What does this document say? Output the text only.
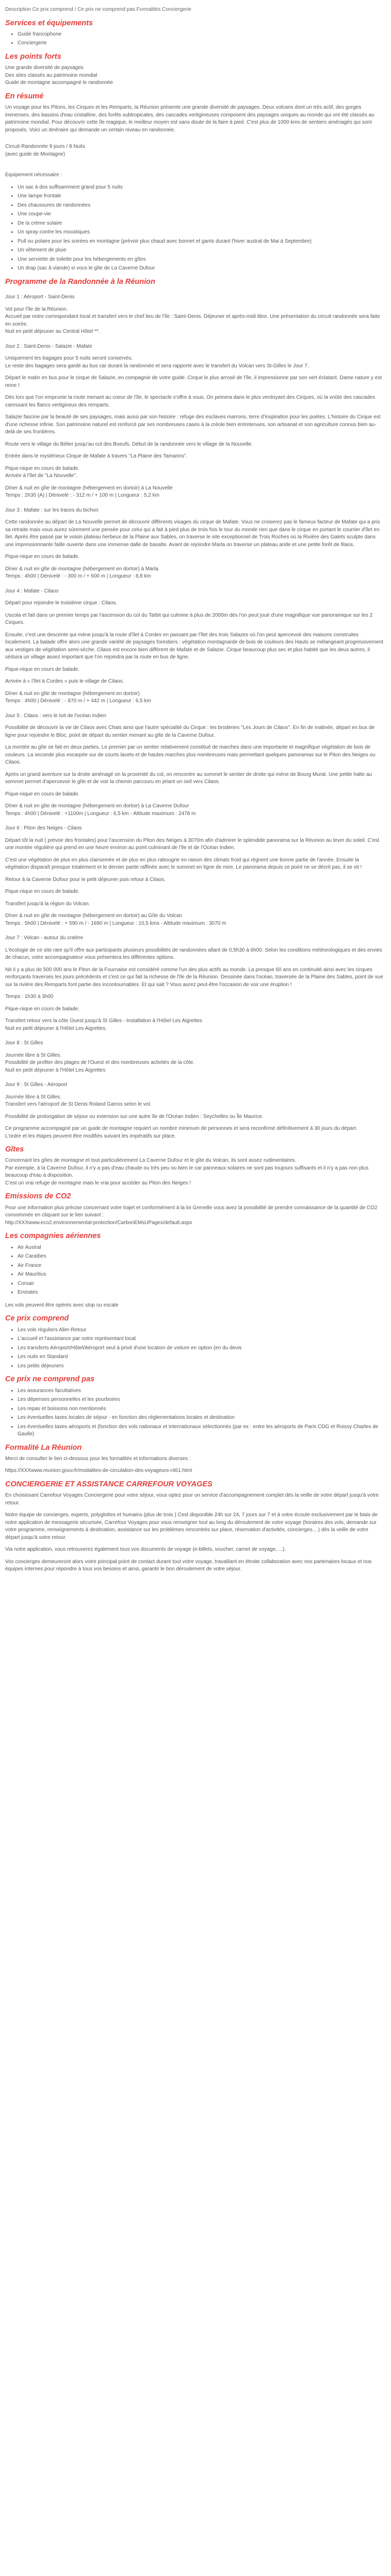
Description Ce prix comprend / Ce prix ne comprend pas Formalités Conciergerie
Services et équipements
• Guide francophone
• Conciergerie
Les points forts
Une grande diversité de paysages
Des sites classés au patrimoine mondial
Guide de montagne accompagné le randonnée
En résumé

Un voyage pour les Pitons, les Cirques et les Remparts, la Réunion présente une grande diversité de paysages. Deux volcans dont un très actif, des gorges immenses, des bassins d'eau cristalline, des forêts subtropicales, des cascades vertigineuses composent des paysages uniques au monde qui ont été classés au patrimoine mondial. Pour découvrir cette île magique, le meilleur moyen est sans doute de la faire à pied. C'est plus de 1000 kms de sentiers aménagés qui sont proposés. Voici un itinéraire qui demande un certain niveau en randonnée.

Circuit Randonnée 9 jours / 8 Nuits
(avec guide de Montagne)

Equipement nécessaire :

• Un sac à dos suffisamment grand pour 5 nuits
• Une lampe frontale
• Des chaussures de randonnées
• Une coupe-vie
• De la crème solaire
• Un spray contre les moustiques
• Pull ou polaire pour les soirées en montagne (prévoir plus chaud avec bonnet et gants durant l'hiver austral de Mai à Septembre)
• Un vêtement de pluie
• Une serviette de toilette pour les hébergements en gîtes
• Un drap (sac à viande) si vous le gîte de La Caverne Dufour
Programme de la Randonnée à la Réunion

Jour 1 : Aéroport - Saint-Denis

Vol pour l'île de la Réunion.
Accueil par notre correspondant local et transfert vers le chef lieu de l'île : Saint-Denis. Déjeuner et après-midi libre. Une présentation du circuit randonnée sera faite en soirée.
Nuit en petit déjeuner au Central Hôtel **.

Jour 2 : Saint-Denis - Salazie - Mafate

Uniquement les bagages pour 5 nuits seront conservés.
Le reste des bagages sera gardé au bus car durant la randonnée et sera rapporté avec le transfert du Volcan vers St-Gilles le Jour 7.

Départ le matin en bus pour le cirque de Salazie, en compagnie de votre guide. Cirque le plus arrosé de l'île, il impressionne par son vert éclatant. Dame nature y est reine !

Dès lors que l'on emprunte la route menant au coeur de l'île, le spectacle s'offre à vous. On peinera dans le plus verdoyant des Cirques, où la voûte des cascades caressant les flancs vertigineux des remparts.

Salazie fascine par la beauté de ses paysages, mais aussi par son histoire : refuge des esclaves marrons, terre d'inspiration pour les poètes. L'histoire du Cirque est d'une richesse infinie. Son patrimoine naturel est renforcé par ses nombreuses cases à la créole bien entretenues, son artisanat et son agriculture connus bien au-delà de ses frontières.

Route vers le village du Bélier jusqu'au col des Boeufs. Début de la randonnée vers le village de la Nouvelle.

Entrée dans le mystérieux Cirque de Mafate à travers "La Plaine des Tamarins".

Pique-nique en cours de balade.
Arrivée à l'îlet de "La Nouvelle".

Dîner & nuit en gîte de montagne (hébergement en dortoir) à La Nouvelle
Temps : 2h30 (A) | Dénivelé : - 312 m / + 100 m | Longueur : 5,2 km

Jour 3 : Mafate : sur les traces du bichon

Cette randonnée au départ de La Nouvelle permet de découvrir différents visages du cirque de Mafate. Vous ne croiserez pas le fameux facteur de Mafate qui a pris sa retraite mais vous aurez sûrement une pensée pour celui qui a fait à pied plus de trois fois le tour du monde rien que dans le cirque en portant le courrier d'îlet en îlet. Après être passé par le voisin plateau herbeux de la Plaine aux Sables, on traverse le site exceptionnel de Trois Roches où la Rivière des Galets sculpte dans une impressionnante faille ouverte dans une immense dalle de basalte. Avant de rejoindre Marla on traverse un plateau aride et une petite forêt de filaos.

Pique-nique en cours de balade.

Dîner & nuit en gîte de montagne (hébergement en dortoir) à Marla
Temps : 4h00 | Dénivelé : - 300 m / + 600 m | Longueur : 8,8 km

Jour 4 : Mafate - Cilaos

Départ pour rejoindre le troisième cirque : Cilaos.

Uscola et fait dans un premier temps par l'ascension du col du Taïbit qui culmine à plus de 2000m dès l'on peut jouir d'une magnifique vue panoramique sur les 2 Cirques.

Ensuite, c'est une descente qui mène jusqu'à la route d'îlet à Cordes en passant par l'îlet des trois Salazes où l'on peut apercevoir des maisons construites localement. La balade offre alors une grande variété de paysages forestiers : végétation montagnarde de bois de couleurs des Hauts se mélangeant progressivement aux vestiges de végétation semi-sèche. Cilaos est encore bien différent de Mafate et de Salazie. Cirque beaucoup plus sec et plus habité que les deux autres, il séduira un village assez important que l'on rejoindra par la route en bus de ligne.

Pique-nique en cours de balade.

Arrivée à « l'îlet à Cordes » puis le village de Cilaos.

Dîner & nuit en gîte de montagne (hébergement en dortoir)
Temps : 4h00 | Dénivelé : - 870 m / + 442 m | Longueur : 6,5 km

Jour 5 : Cilaos : vers le toit de l'océan Indien

Possibilité de découvrir la vie de Cilaos avec Chais ainsi que l'autre spécialité du Cirque : les broderies "Les Jours de Cilaos". En fin de matinée, départ en bus de ligne pour rejoindre le Bloc, point de départ du sentier menant au gîte de la Caverne Dufour.

La montée au gîte se fait en deux parties. Le premier par un sentier relativement constitué de marches dans une importante et magnifique végétation de bois de couleurs. La seconde plus escarpée sur de courts lacets et de hautes marches plus nombreuses mais permettant quelques panoramas sur le Piton des Neiges ou Cilaos.

Après un grand aventure sur la droite aménagé on la proximité du col, on rencontre au sommet le sentier de droite qui mène de Bourg Murat. Une petite halte au sommet permet d'apercevoir le gîte et de voir la chemin parcouru en jetant un oeil vers Cilaos.

Pique-nique en cours de balade.

Dîner & nuit en gîte de montagne (hébergement en dortoir) à La Caverne Dufour
Temps : 4h00 | Dénivelé : +1100m | Longueur : 6,5 km - Altitude maximum : 2478 m

Jour 6 : Piton des Neiges - Cilaos

Départ tôt la nuit ( prévoir des frontales) pour l'ascension du Piton des Neiges à 3070m afin d'admirer le splendide panorama sur la Réunion au lever du soleil. C'est une montée régulière qui prend en une heure environ au point culminant de l'île et de l'Océan Indien.

C'est une végétation de plus en plus clairsemée et de plus en plus rabougrie en raison des climats froid qui règnent une bonne partie de l'année. Ensuite la végétation disparaît presque totalement et le dernier partie raffinée avec le sommet en ligne de mire. Le panorama depuis ce point ne se décrit pas, il se vit !

Retour à la Caverne Dufour pour le petit déjeuner puis retour à Cilaos.

Pique-nique en cours de balade.

Transfert jusqu'à la région du Volcan.

Dîner & nuit en gîte de montagne (hébergement en dortoir) au Gîte du Volcan
Temps : 5h00 | Dénivelé : + 590 m / - 1690 m | Longueur : 10,5 kms - Altitude maximum : 3070 m

Jour 7 : Volcan - autour du cratère

L'écologie de ce site rare qu'il offre aux participants plusieurs possibilités de randonnées allant de 0,5h30 à 6h00. Selon les conditions météorologiques et des envies de chacun, votre accompagnateur vous présentera les différentes options.

Né il y a plus de 500 000 ans le Piton de la Fournaise est considéré comme l'un des plus actifs au monde. La presque 60 ans en continuité ainsi avec les cirques renforçants traversés les jours précédents et c'est ce qui fait la richesse de l'île de la Réunion. Dessinée dans l'océan, traversée de la Plaine des Sables, point de vue sur la rivière des Remparts font partie des incontournables. Et qui sait ? Vous aurez peut-être l'occasion de voir une éruption !

Temps : 1h30 à 3h00

Pique-nique en cours de balade.

Transfert retour vers la côte Ouest jusqu'à St Gilles - Installation à l'Hôtel Les Aigrettes
Nuit en petit déjeuner à l'Hôtel Les Aigrettes.

Jour 8 : St Gilles

Journée libre à St Gilles.
Possibilité de profiter des plages de l'Ouest et des nombreuses activités de la côte.
Nuit en petit déjeuner à l'Hôtel Les Aigrettes

Jour 9 : St Gilles - Aéroport

Journée libre à St Gilles.
Transfert vers l'aéroport de St Denis Roland Garros selon le vol.

Possibilité de prolongation de séjour ou extension sur une autre île de l'Océan Indien : Seychelles ou Île Maurice.

Ce programme accompagné par un guide de montagne requiert un nombre minimum de personnes et sera reconfirmé définitivement à 30 jours du départ.
L'ordre et les étapes peuvent être modifiés suivant les impératifs sur place.

Gîtes

Concernant les gîtes de montagne et tout particulièrement La Caverne Dufour et le gîte du Volcan, ils sont assez rudimentaires.
Par exemple, à la Caverne Dufour, il n'y a pas d'eau chaude ou très peu ou bien le car panneaux solaires ne sont pas toujours suffisants et il n'y a pas non plus beaucoup d'eau à disposition.
C'est un vrai refuge de montagne mais le vrai pour accéder au Piton des Neiges !

Emissions de CO2
Pour une information plus précise concernant votre trajet et conformément à la loi Grenelle vous avez la possibilité de prendre connaissance de la quantité de CO2 consommée en cliquant sur le lien suivant :

http://XXXwww.eco2.environnemental-protection/CarbonEMsUPages/default.aspx

Les compagnies aériennes
• Air Austral
• Air Caraïbes
• Air France
• Air Mauritius
• Corsair
• Emirates

Les vols peuvent être opérés avec stop ou escale

Ce prix comprend
• Les vols réguliers Aller-Retour
• L'accueil et l'assistance par notre représentant local
• Les transferts Aéroport/Hôtel/Aéroport seul à privé d'une location de voiture en option (en du devis
• Les nuits en Standard
• Les petits déjeuners
Ce prix ne comprend pas
• Les assurances facultatives
• Les dépenses personnelles et les pourboires
• Les repas et boissons non mentionnés
• Les éventuelles taxes locales de séjour - en fonction des réglementations locales et destination
• Les éventuelles taxes aéroports et (fonction des vols nationaux et internationaux sélectionnés (par ex : entre les aéroports de Paris CDG et Roissy Charles de Gaulle)
Formalité La Réunion

Merci de consulter le lien ci-dessous pour les formalités et informations diverses :

https://XXXwww.reunion.gouv.fr/modalites-de-circulation-des-voyageurs-r461.html

CONCIERGERIE ET ASSISTANCE CARREFOUR VOYAGES

En choisissant Carrefour Voyages Conciergerie pour votre séjour, vous optez pour un service d'accompagnement complet dès la veille de votre départ jusqu'à votre retour.

Notre équipe de concierges, experts, polyglottes et humains (plus de trois ) Cest disponible 24h sur 24, 7 jours sur 7 et à votre écoute exclusivement par le biais de notre application de messagerie sécurisée, Carrefour Voyages pour vous renseigner tout au long du déroulement de votre voyage (horaires des vols, demande sur votre programme, renseignements à destination, assistance sur les problèmes rencontrés sur place, réservation d'activités, concierges... ) dès la veille de votre départ jusqu'à votre retour.

Via notre application, vous retrouverez également tous vos documents de voyage (e-billets, voucher, carnet de voyage, ...).

Vos concierges demeureront alors votre principal point de contact durant tout votre voyage, travaillant en étroite collaboration avec nos partenaires locaux et nos équipes internes pour répondre à tous vos besoins et ainsi, garantir le bon déroulement de votre séjour.
